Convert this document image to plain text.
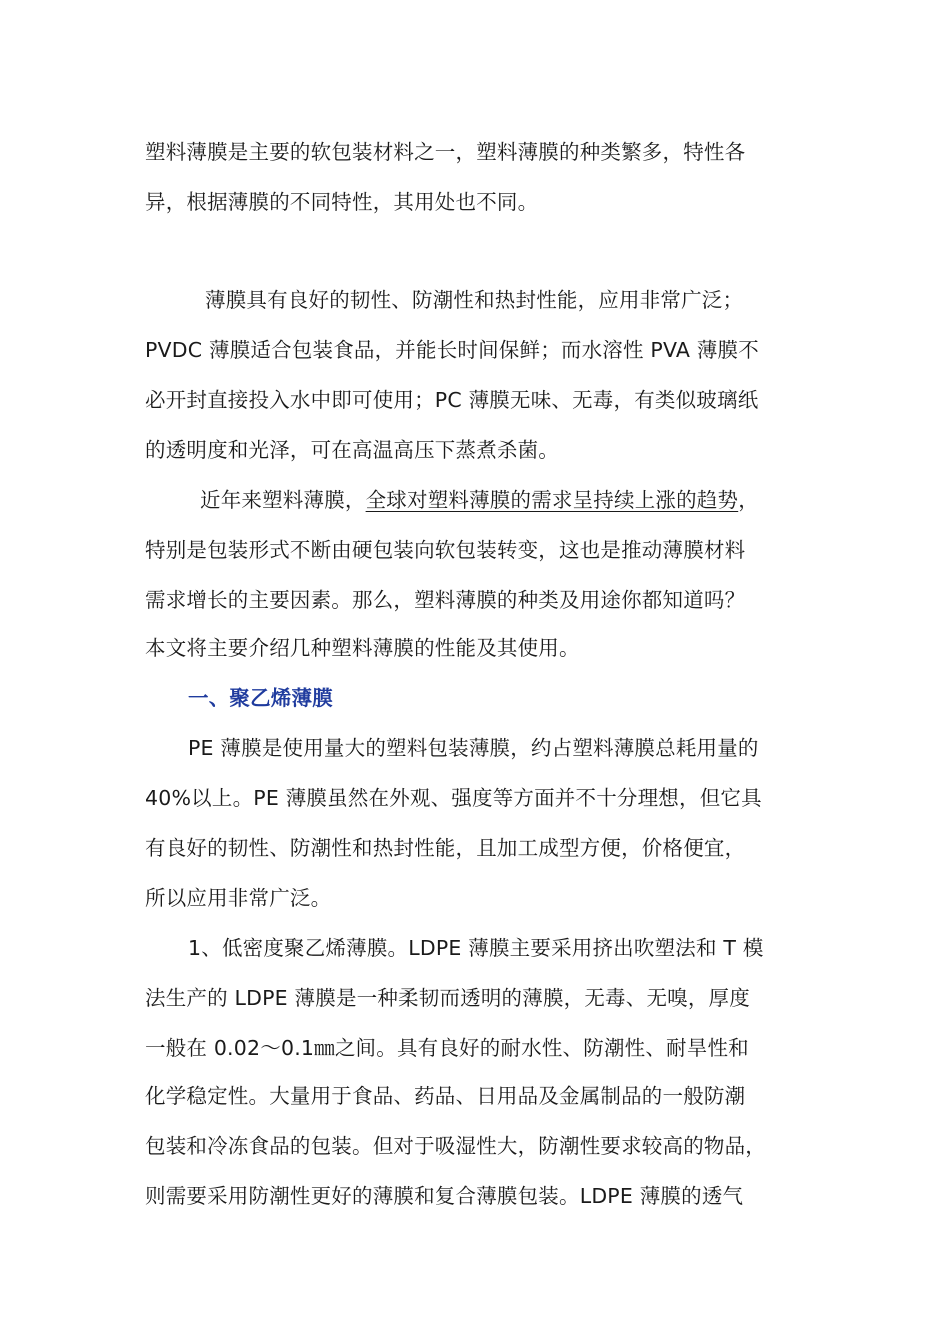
塑料薄膜是主要的软包装材料之一，塑料薄膜的种类繁多，特性各
异，根据薄膜的不同特性，其用处也不同。
薄膜具有良好的韧性、防潮性和热封性能，应用非常广泛；
PVDC 薄膜适合包装食品，并能长时间保鲜；而水溶性 PVA 薄膜不
必开封直接投入水中即可使用；PC 薄膜无味、无毒，有类似玻璃纸
的透明度和光泽，可在高温高压下蒸煮杀菌。
近年来塑料薄膜，全球对塑料薄膜的需求呈持续上涨的趋势，
特别是包装形式不断由硬包装向软包装转变，这也是推动薄膜材料
需求增长的主要因素。那么，塑料薄膜的种类及用途你都知道吗？
本文将主要介绍几种塑料薄膜的性能及其使用。
一、聚乙烯薄膜
PE 薄膜是使用量大的塑料包装薄膜，约占塑料薄膜总耗用量的
40%以上。PE 薄膜虽然在外观、强度等方面并不十分理想，但它具
有良好的韧性、防潮性和热封性能，且加工成型方便，价格便宜，
所以应用非常广泛。
1、低密度聚乙烯薄膜。LDPE 薄膜主要采用挤出吹塑法和 T 模
法生产的 LDPE 薄膜是一种柔韧而透明的薄膜，无毒、无嗅，厚度
一般在 0.02～0.1㎜之间。具有良好的耐水性、防潮性、耐旱性和
化学稳定性。大量用于食品、药品、日用品及金属制品的一般防潮
包装和冷冻食品的包装。但对于吸湿性大，防潮性要求较高的物品，
则需要采用防潮性更好的薄膜和复合薄膜包装。LDPE 薄膜的透气
